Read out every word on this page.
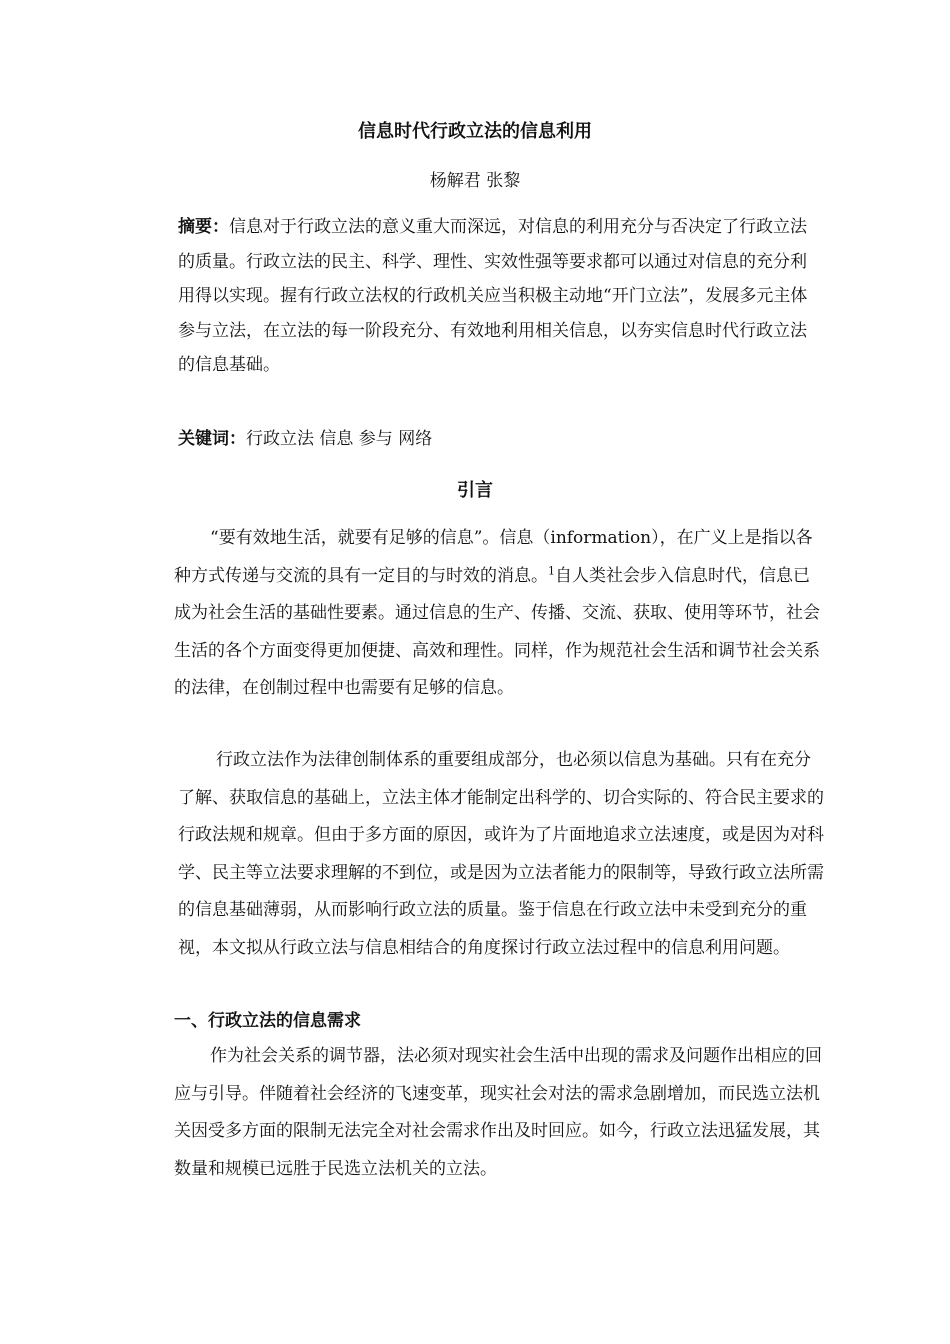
信息时代行政立法的信息利用
杨解君 张黎
摘要：信息对于行政立法的意义重大而深远，对信息的利用充分与否决定了行政立法的质量。行政立法的民主、科学、理性、实效性强等要求都可以通过对信息的充分利用得以实现。握有行政立法权的行政机关应当积极主动地“开门立法”，发展多元主体参与立法，在立法的每一阶段充分、有效地利用相关信息，以夯实信息时代行政立法的信息基础。
关键词：行政立法 信息 参与 网络
引言
“要有效地生活，就要有足够的信息”。信息（information），在广义上是指以各种方式传递与交流的具有一定目的与时效的消息。$^1$自人类社会步入信息时代，信息已成为社会生活的基础性要素。通过信息的生产、传播、交流、获取、使用等环节，社会生活的各个方面变得更加便捷、高效和理性。同样，作为规范社会生活和调节社会关系的法律，在创制过程中也需要有足够的信息。
行政立法作为法律创制体系的重要组成部分，也必须以信息为基础。只有在充分了解、获取信息的基础上，立法主体才能制定出科学的、切合实际的、符合民主要求的行政法规和规章。但由于多方面的原因，或许为了片面地追求立法速度，或是因为对科学、民主等立法要求理解的不到位，或是因为立法者能力的限制等，导致行政立法所需的信息基础薄弱，从而影响行政立法的质量。鉴于信息在行政立法中未受到充分的重视，本文拟从行政立法与信息相结合的角度探讨行政立法过程中的信息利用问题。
一、行政立法的信息需求
作为社会关系的调节器，法必须对现实社会生活中出现的需求及问题作出相应的回应与引导。伴随着社会经济的飞速变革，现实社会对法的需求急剧增加，而民选立法机关因受多方面的限制无法完全对社会需求作出及时回应。如今，行政立法迅猛发展，其数量和规模已远胜于民选立法机关的立法。
